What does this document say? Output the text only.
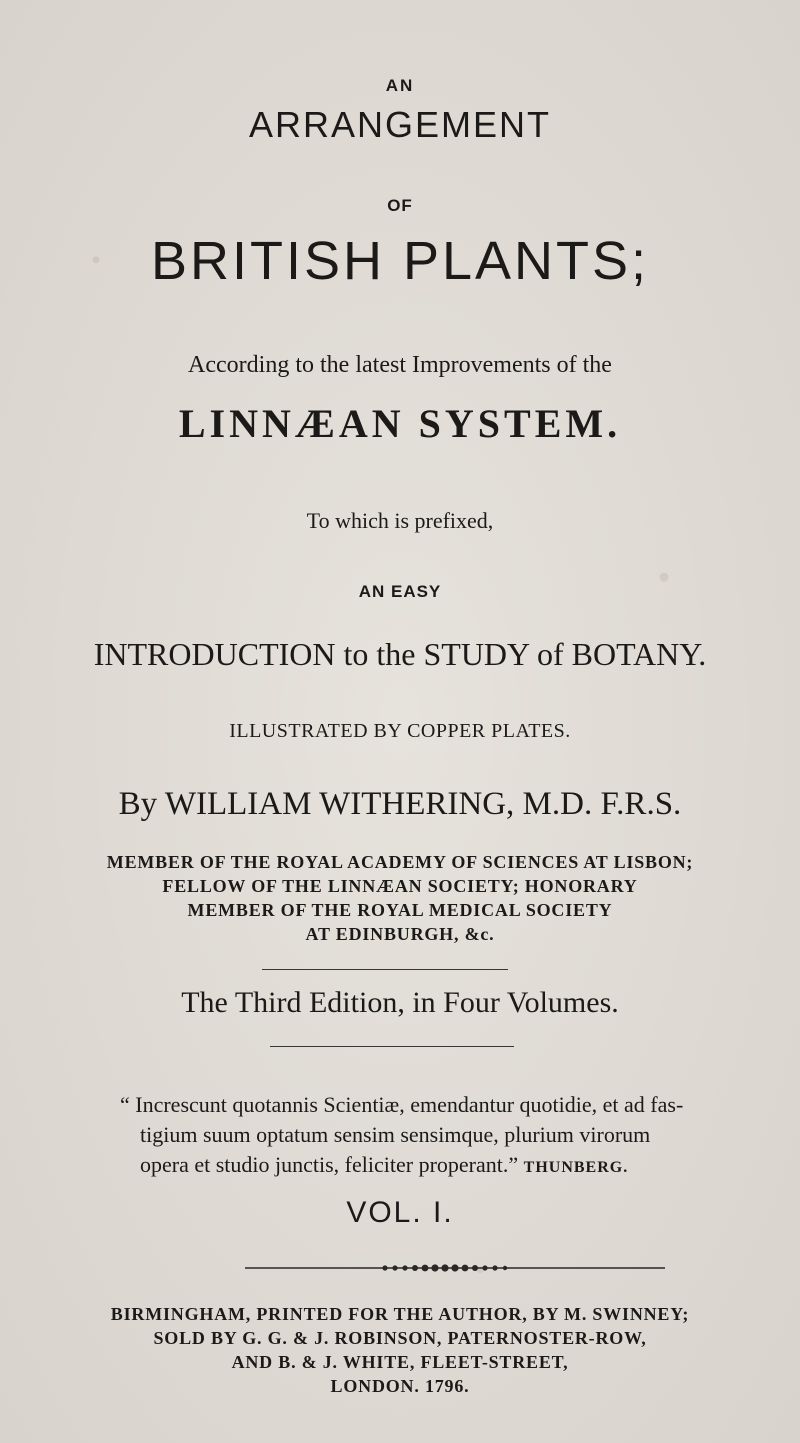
AN
ARRANGEMENT
OF
BRITISH PLANTS;
According to the latest Improvements of the
LINNÆAN SYSTEM.
To which is prefixed,
AN EASY
INTRODUCTION to the STUDY of BOTANY.
ILLUSTRATED BY COPPER PLATES.
By WILLIAM WITHERING, M.D. F.R.S.
MEMBER OF THE ROYAL ACADEMY OF SCIENCES AT LISBON;
FELLOW OF THE LINNÆAN SOCIETY; HONORARY
MEMBER OF THE ROYAL MEDICAL SOCIETY
AT EDINBURGH, &c.
The Third Edition, in Four Volumes.
“ Increscunt quotannis Scientiæ, emendantur quotidie, et ad fas-
tigium suum optatum sensim sensimque, plurium virorum
opera et studio junctis, feliciter properant.” THUNBERG.
VOL. I.
BIRMINGHAM, PRINTED FOR THE AUTHOR, BY M. SWINNEY;
SOLD BY G. G. & J. ROBINSON, PATERNOSTER-ROW,
AND B. & J. WHITE, FLEET-STREET,
LONDON. 1796.
